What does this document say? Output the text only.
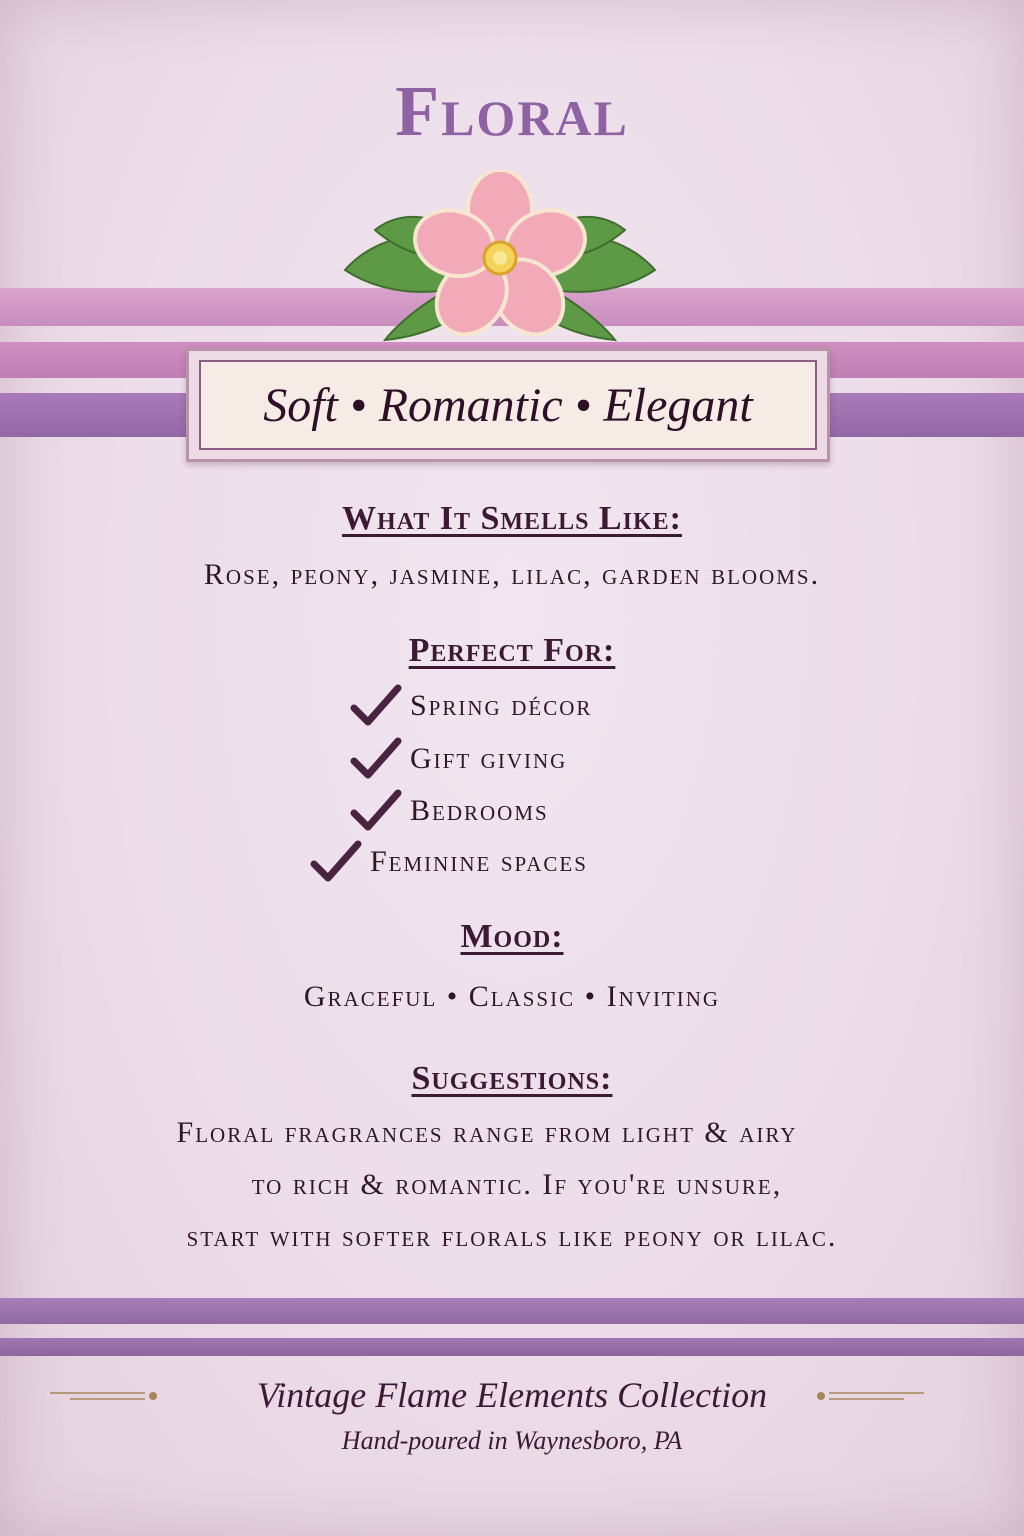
Floral
Soft • Romantic • Elegant
What It Smells Like:
Rose, peony, jasmine, lilac, garden blooms.
Perfect For:
Spring décor
Gift giving
Bedrooms
Feminine spaces
Mood:
Graceful • Classic • Inviting
Suggestions:
Floral fragrances range from light & airy
to rich & romantic. If you're unsure,
start with softer florals like peony or lilac.
Vintage Flame Elements Collection
Hand-poured in Waynesboro, PA
